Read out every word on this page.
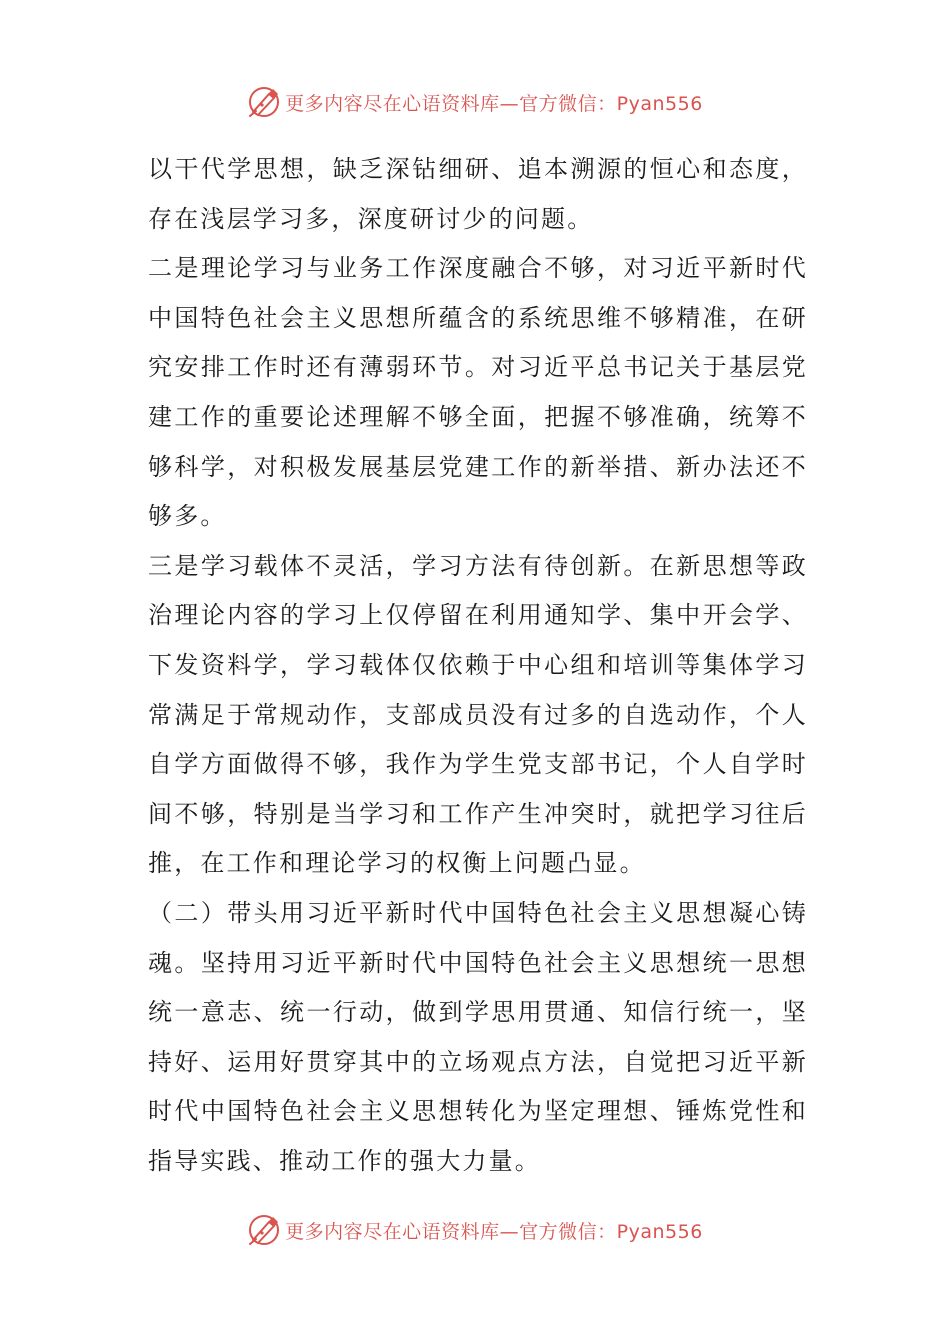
更多内容尽在心语资料库—官方微信：Pyan556

以干代学思想，缺乏深钻细研、追本溯源的恒心和态度，存在浅层学习多，深度研讨少的问题。

二是理论学习与业务工作深度融合不够，对习近平新时代中国特色社会主义思想所蕴含的系统思维不够精准，在研究安排工作时还有薄弱环节。对习近平总书记关于基层党建工作的重要论述理解不够全面，把握不够准确，统筹不够科学，对积极发展基层党建工作的新举措、新办法还不够多。

三是学习载体不灵活，学习方法有待创新。在新思想等政治理论内容的学习上仅停留在利用通知学、集中开会学、下发资料学，学习载体仅依赖于中心组和培训等集体学习常满足于常规动作，支部成员没有过多的自选动作，个人自学方面做得不够，我作为学生党支部书记，个人自学时间不够，特别是当学习和工作产生冲突时，就把学习往后推，在工作和理论学习的权衡上问题凸显。

（二）带头用习近平新时代中国特色社会主义思想凝心铸魂。坚持用习近平新时代中国特色社会主义思想统一思想统一意志、统一行动，做到学思用贯通、知信行统一，坚持好、运用好贯穿其中的立场观点方法，自觉把习近平新时代中国特色社会主义思想转化为坚定理想、锤炼党性和指导实践、推动工作的强大力量。

更多内容尽在心语资料库—官方微信：Pyan556
